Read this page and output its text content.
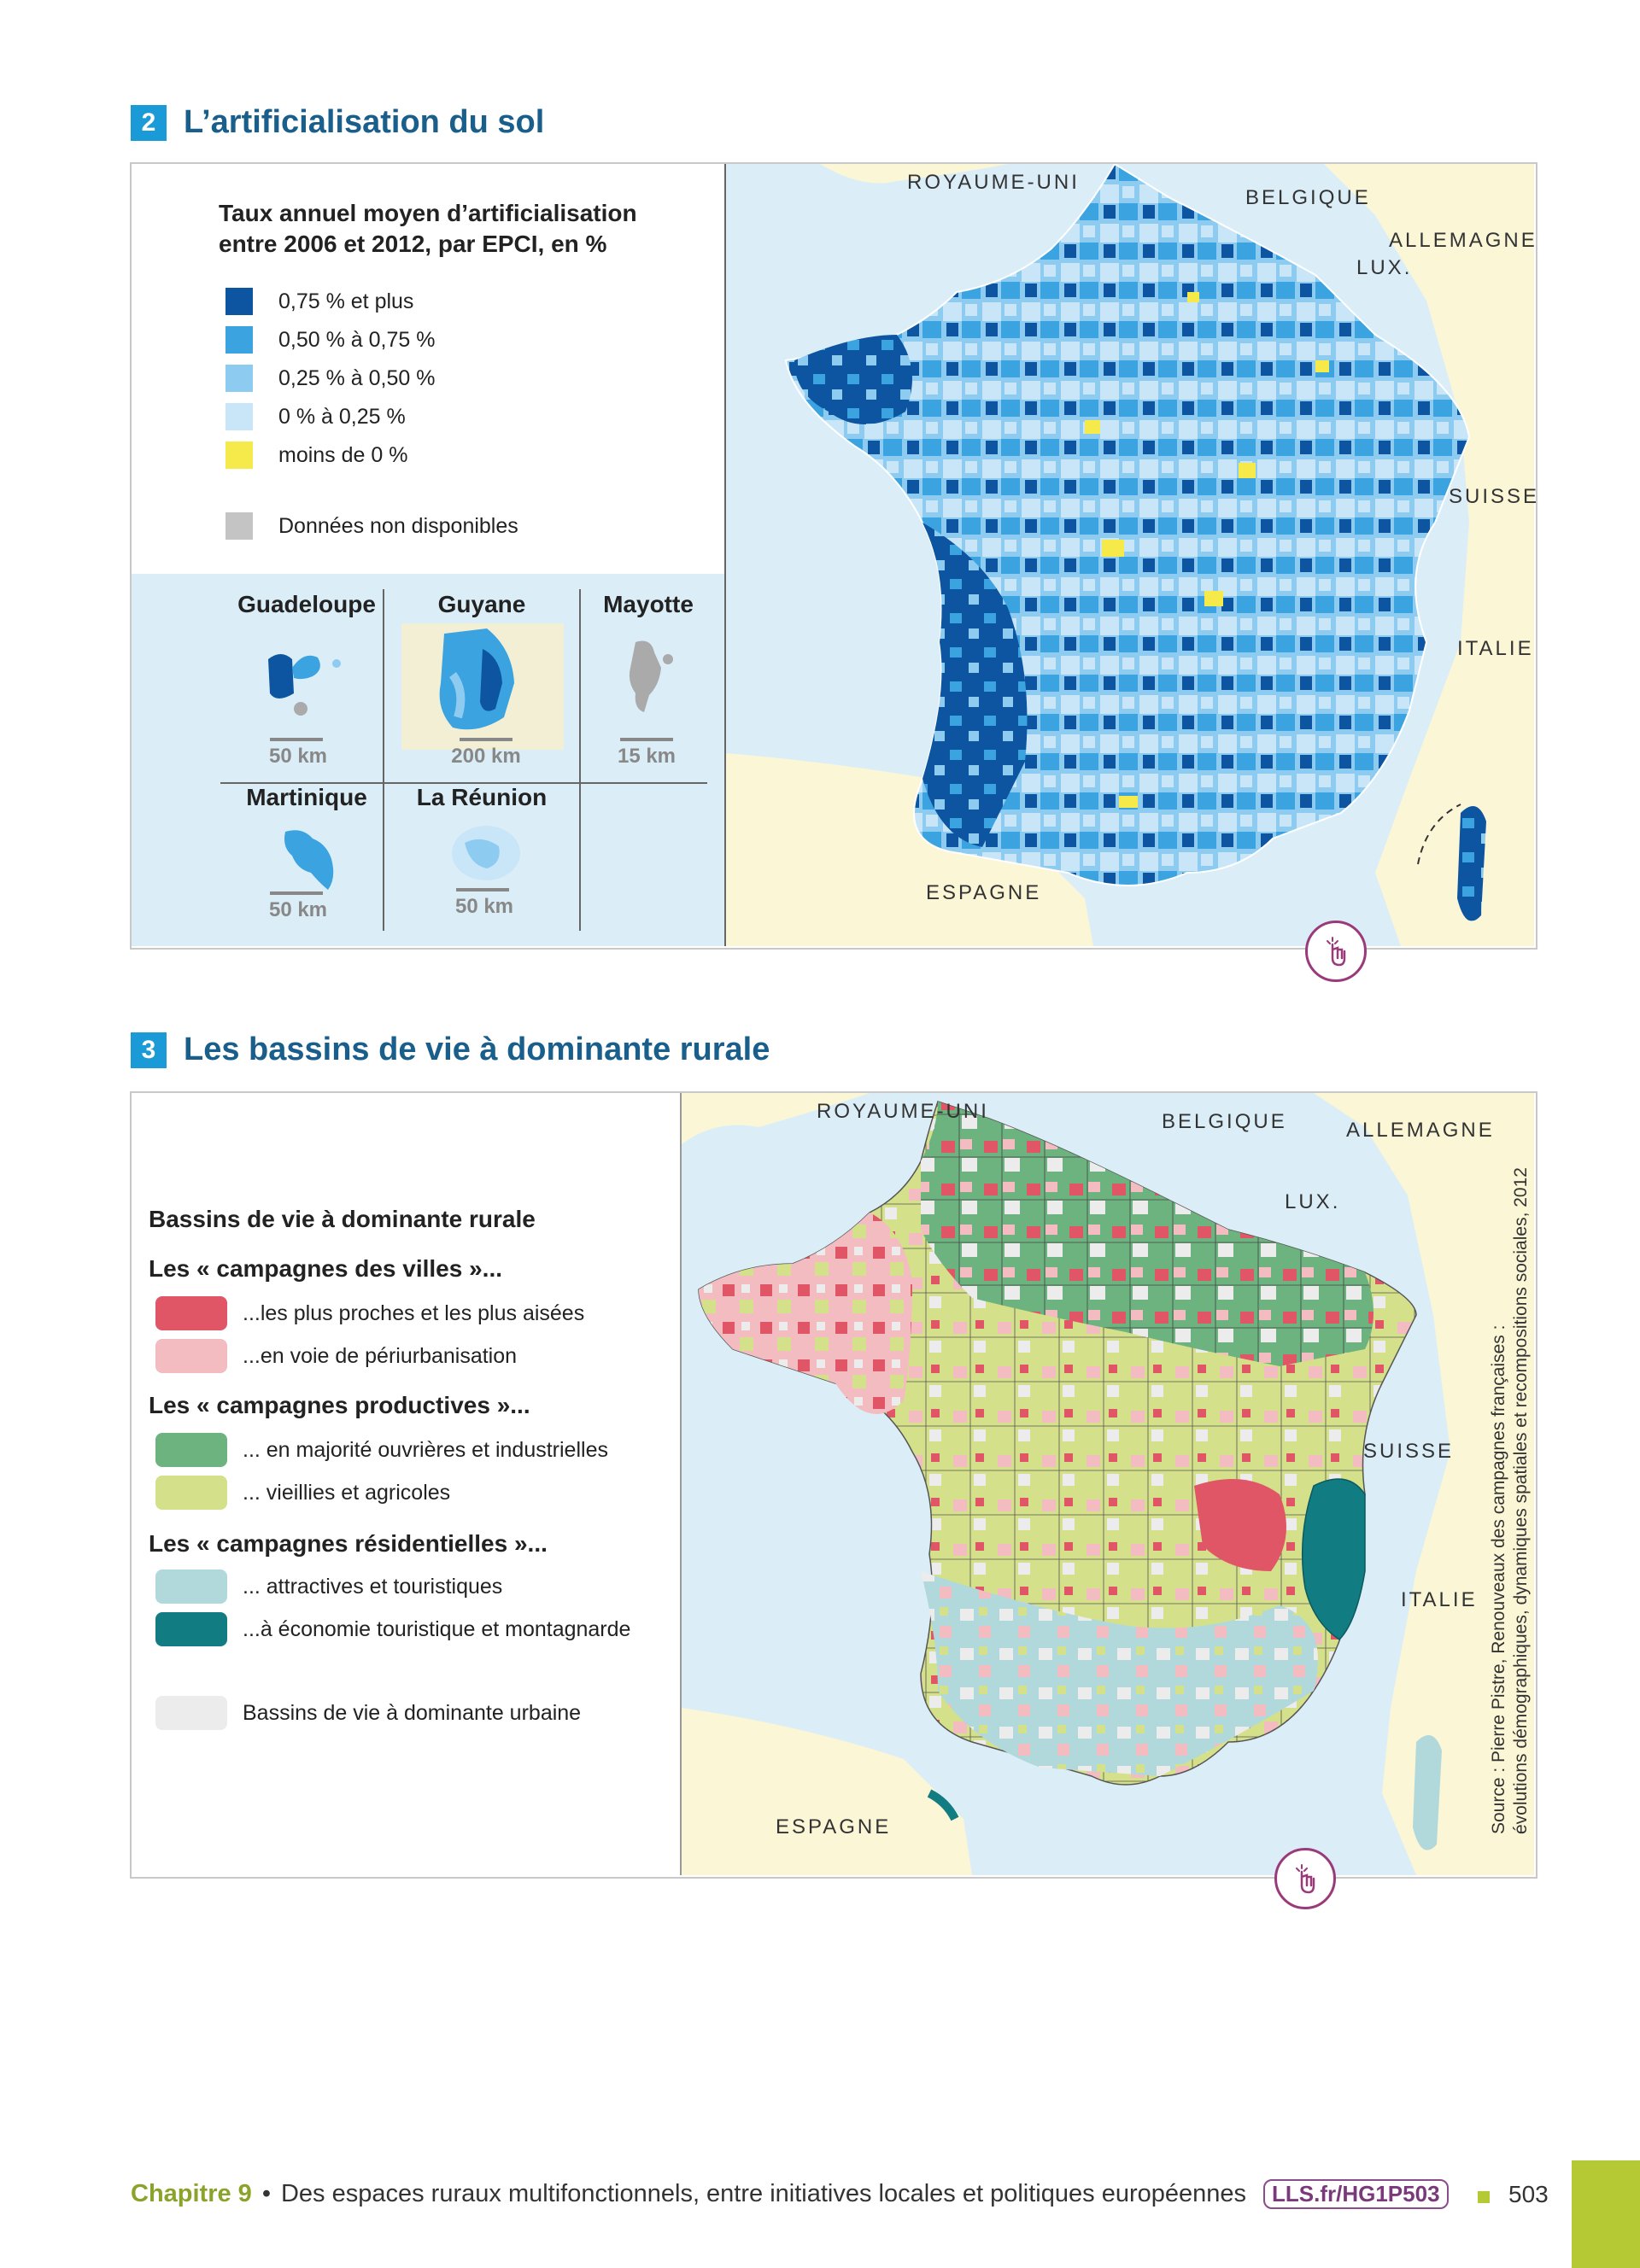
2 L’artificialisation du sol
Taux annuel moyen d’artificialisation
entre 2006 et 2012, par EPCI, en %
0,75 % et plus
0,50 % à 0,75 %
0,25 % à 0,50 %
0 % à 0,25 %
moins de 0 %
Données non disponibles
Guadeloupe
50 km
Guyane
200 km
Mayotte
15 km
Martinique
50 km
La Réunion
50 km
ROYAUME-UNI
BELGIQUE
ALLEMAGNE
LUX.
SUISSE
ITALIE
ESPAGNE
3 Les bassins de vie à dominante rurale
Bassins de vie à dominante rurale
Les « campagnes des villes »...
...les plus proches et les plus aisées
...en voie de périurbanisation
Les « campagnes productives »...
... en majorité ouvrières et industrielles
... vieillies et agricoles
Les « campagnes résidentielles »...
... attractives et touristiques
...à économie touristique et montagnarde
Bassins de vie à dominante urbaine
ROYAUME-UNI	BELGIQUE	ALLEMAGNE
LUX.
SUISSE
ITALIE
ESPAGNE	Source : Pierre Pistre, Renouveaux des campagnes françaises : évolutions démographiques, dynamiques spatiales et recompositions sociales, 2012
Chapitre 9 • Des espaces ruraux multifonctionnels, entre initiatives locales et politiques européennes	LLS.fr/HG1P503	503
